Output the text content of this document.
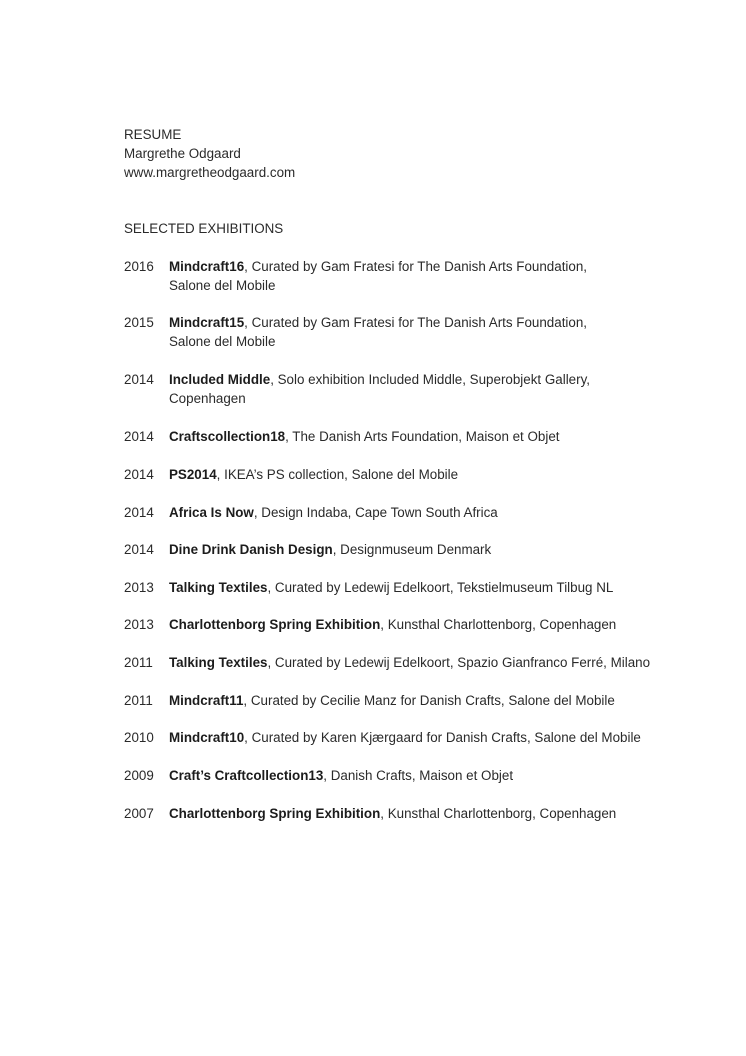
RESUME
Margrethe Odgaard
www.margretheodgaard.com
SELECTED EXHIBITIONS
2016	Mindcraft16, Curated by Gam Fratesi for The Danish Arts Foundation,
Salone del Mobile
2015	Mindcraft15, Curated by Gam Fratesi for The Danish Arts Foundation,
Salone del Mobile
2014	Included Middle, Solo exhibition Included Middle, Superobjekt Gallery,
Copenhagen
2014	Craftscollection18, The Danish Arts Foundation, Maison et Objet
2014	PS2014, IKEA’s PS collection, Salone del Mobile
2014	Africa Is Now, Design Indaba, Cape Town South Africa
2014	Dine Drink Danish Design, Designmuseum Denmark
2013	Talking Textiles, Curated by Ledewij Edelkoort, Tekstielmuseum Tilbug NL
2013	Charlottenborg Spring Exhibition, Kunsthal Charlottenborg, Copenhagen
2011	Talking Textiles, Curated by Ledewij Edelkoort, Spazio Gianfranco Ferré, Milano
2011	Mindcraft11, Curated by Cecilie Manz for Danish Crafts, Salone del Mobile
2010	Mindcraft10, Curated by Karen Kjærgaard for Danish Crafts, Salone del Mobile
2009	Craft’s Craftcollection13, Danish Crafts, Maison et Objet
2007	Charlottenborg Spring Exhibition, Kunsthal Charlottenborg, Copenhagen
